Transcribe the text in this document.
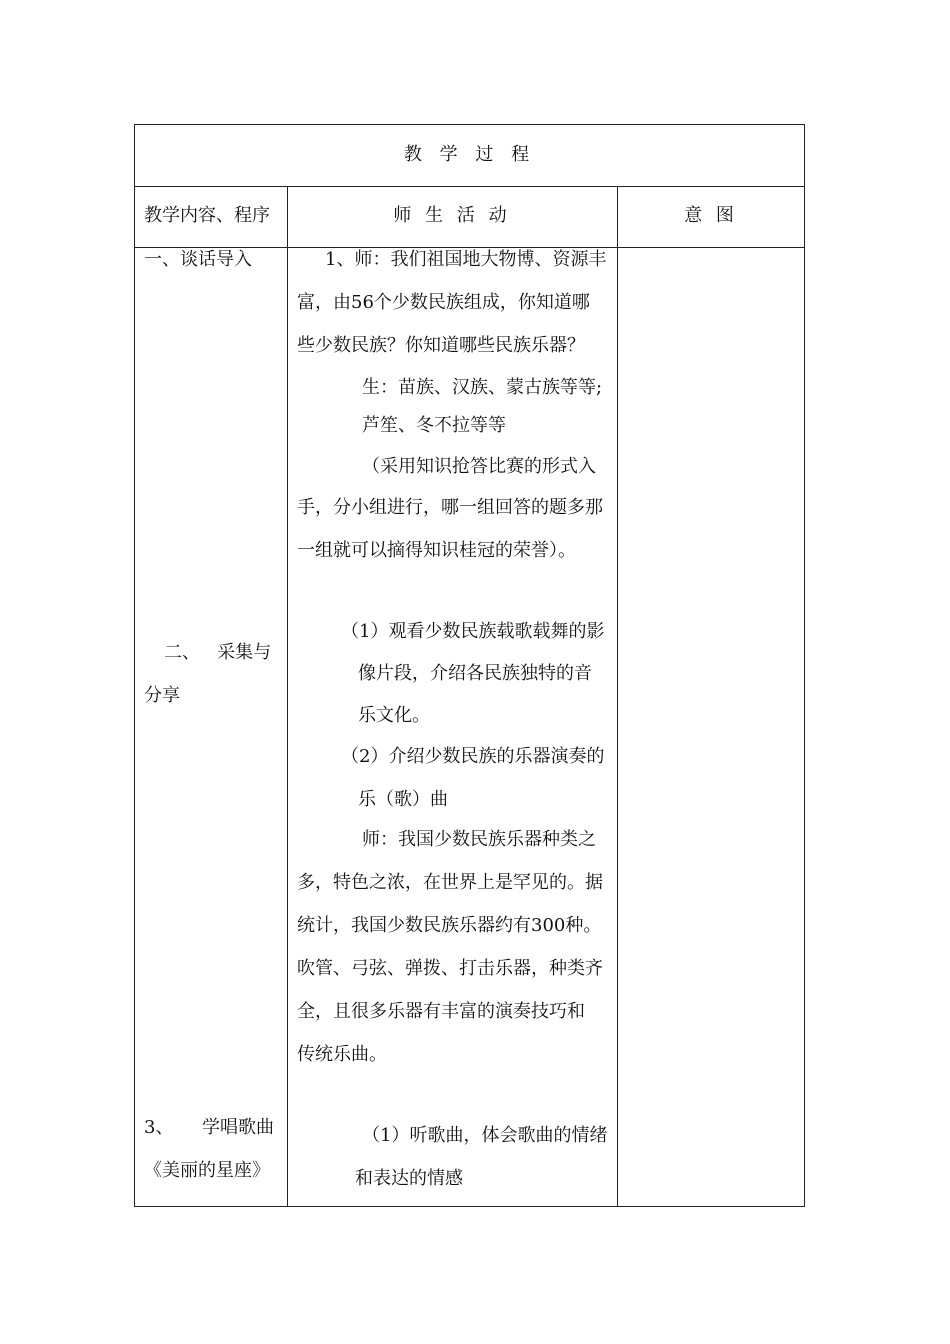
教 学 过 程
教学内容、程序	师 生 活 动	意 图
一、谈话导入
二、   采集与
分享
3、     学唱歌曲
《美丽的星座》
1、师：我们祖国地大物博、资源丰
富，由56个少数民族组成，你知道哪
些少数民族？你知道哪些民族乐器？
生：苗族、汉族、蒙古族等等;
芦笙、冬不拉等等
（采用知识抢答比赛的形式入
手，分小组进行，哪一组回答的题多那
一组就可以摘得知识桂冠的荣誉）。
（1）观看少数民族载歌载舞的影
像片段，介绍各民族独特的音
乐文化。
（2）介绍少数民族的乐器演奏的
乐（歌）曲
师：我国少数民族乐器种类之
多，特色之浓，在世界上是罕见的。据
统计，我国少数民族乐器约有300种。
吹管、弓弦、弹拨、打击乐器，种类齐
全，且很多乐器有丰富的演奏技巧和
传统乐曲。
（1）听歌曲，体会歌曲的情绪
和表达的情感
